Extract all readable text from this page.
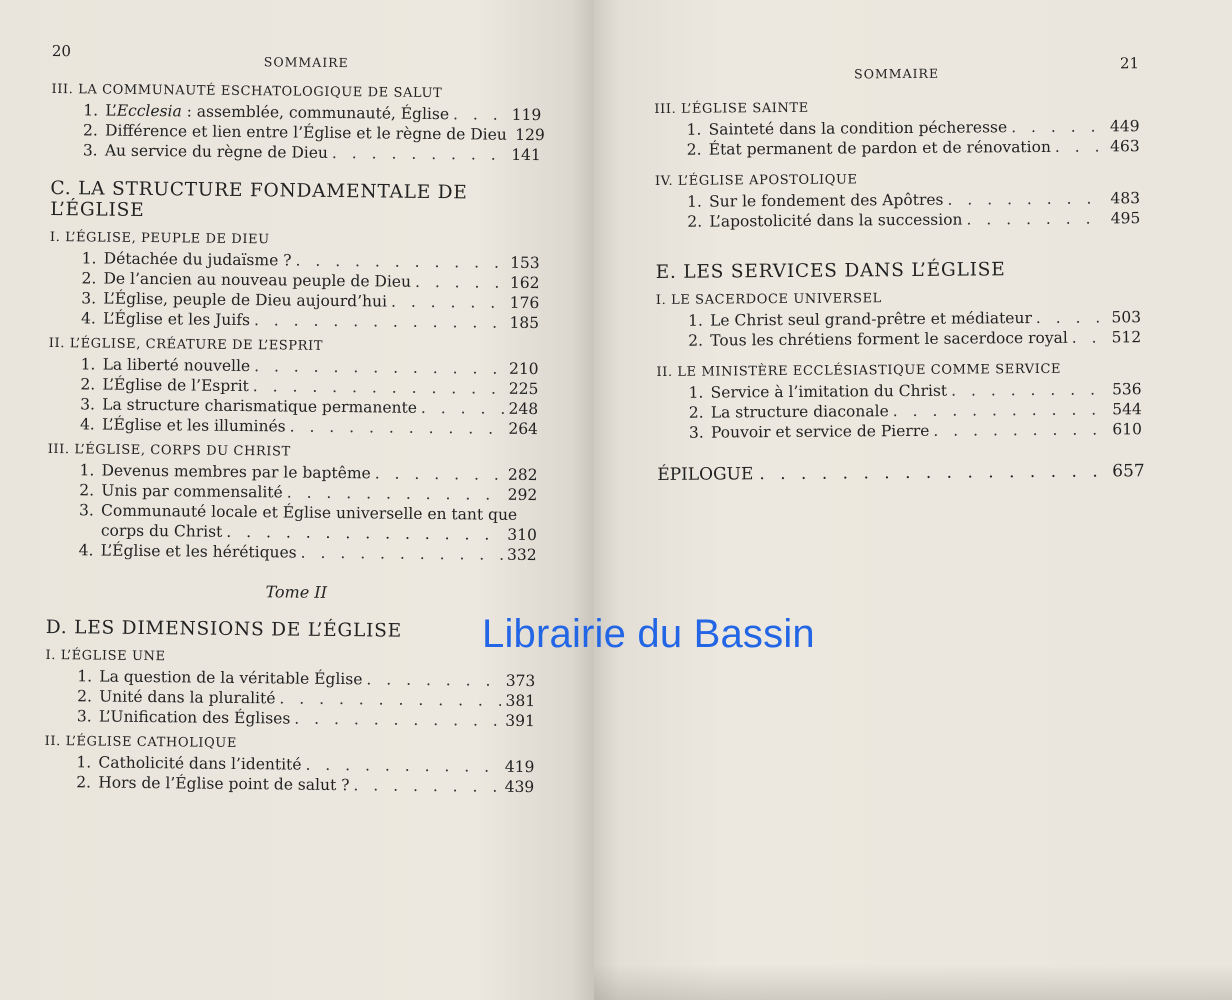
20
SOMMAIRE
III. LA COMMUNAUTÉ ESCHATOLOGIQUE DE SALUT
1. L’Ecclesia : assemblée, communauté, Église . . .	119
2. Différence et lien entre l’Église et le règne de Dieu . . . 129
3. Au service du règne de Dieu . . .	141
C. LA STRUCTURE FONDAMENTALE DE L’ÉGLISE
I. L’ÉGLISE, PEUPLE DE DIEU
1. Détachée du judaïsme ? . . .	153
2. De l’ancien au nouveau peuple de Dieu . . .	162
3. L’Église, peuple de Dieu aujourd’hui . . .	176
4. L’Église et les Juifs . . .	185
II. L’ÉGLISE, CRÉATURE DE L’ESPRIT
1. La liberté nouvelle . . .	210
2. L’Église de l’Esprit . . .	225
3. La structure charismatique permanente . . .	248
4. L’Église et les illuminés . . .	264
III. L’ÉGLISE, CORPS DU CHRIST
1. Devenus membres par le baptême . . .	282
2. Unis par commensalité . . .	292
3. Communauté locale et Église universelle en tant que
corps du Christ . . .	310
4. L’Église et les hérétiques . . .	332
Tome II
D. LES DIMENSIONS DE L’ÉGLISE
I. L’ÉGLISE UNE
1. La question de la véritable Église . . .	373
2. Unité dans la pluralité . . .	381
3. L’Unification des Églises . . .	391
II. L’ÉGLISE CATHOLIQUE
1. Catholicité dans l’identité . . .	419
2. Hors de l’Église point de salut ? . . .	439
SOMMAIRE
21
III. L’ÉGLISE SAINTE
1. Sainteté dans la condition pécheresse . . .	449
2. État permanent de pardon et de rénovation . . .	463
IV. L’ÉGLISE APOSTOLIQUE
1. Sur le fondement des Apôtres . . .	483
2. L’apostolicité dans la succession . . .	495
E. LES SERVICES DANS L’ÉGLISE
I. LE SACERDOCE UNIVERSEL
1. Le Christ seul grand-prêtre et médiateur . . .	503
2. Tous les chrétiens forment le sacerdoce royal . . .	512
II. LE MINISTÈRE ECCLÉSIASTIQUE COMME SERVICE
1. Service à l’imitation du Christ . . .	536
2. La structure diaconale . . .	544
3. Pouvoir et service de Pierre . . .	610
ÉPILOGUE . . .	657
Librairie du Bassin
